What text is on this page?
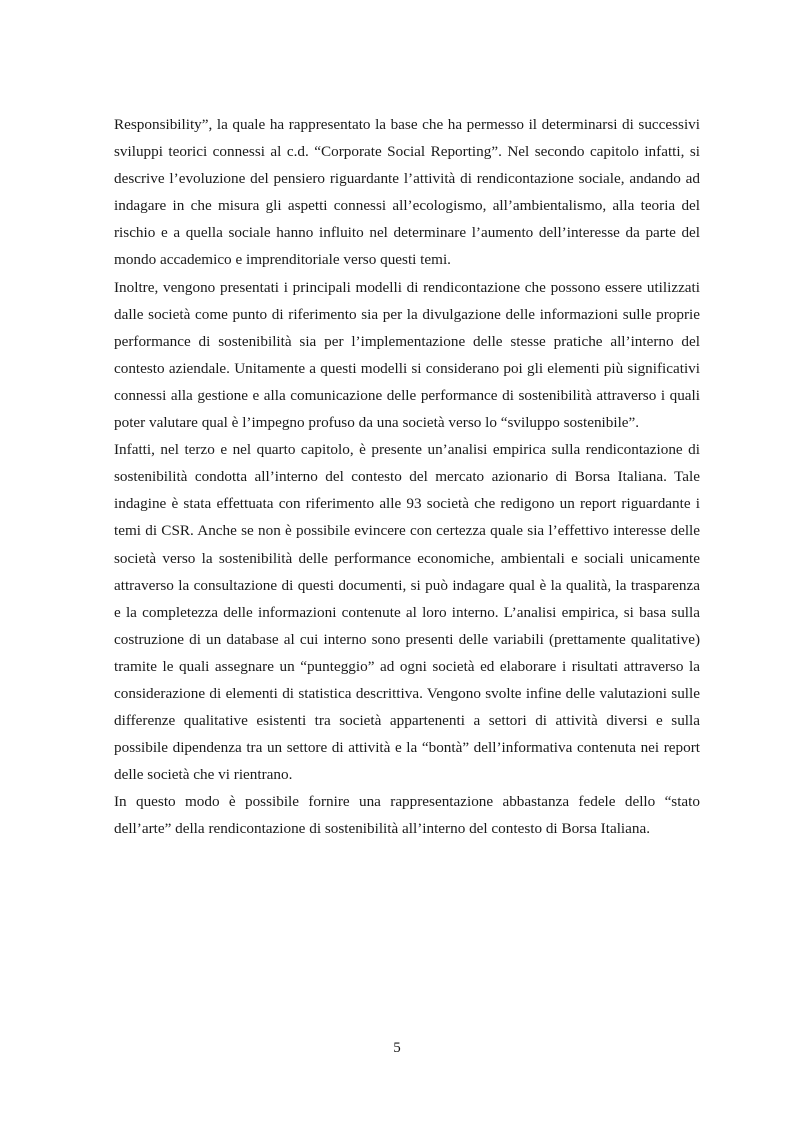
Responsibility”, la quale ha rappresentato la base che ha permesso il determinarsi di successivi sviluppi teorici connessi al c.d. “Corporate Social Reporting”. Nel secondo capitolo infatti, si descrive l’evoluzione del pensiero riguardante l’attività di rendicontazione sociale, andando ad indagare in che misura gli aspetti connessi all’ecologismo, all’ambientalismo, alla teoria del rischio e a quella sociale hanno influito nel determinare l’aumento dell’interesse da parte del mondo accademico e imprenditoriale verso questi temi.

Inoltre, vengono presentati i principali modelli di rendicontazione che possono essere utilizzati dalle società come punto di riferimento sia per la divulgazione delle informazioni sulle proprie performance di sostenibilità sia per l’implementazione delle stesse pratiche all’interno del contesto aziendale. Unitamente a questi modelli si considerano poi gli elementi più significativi connessi alla gestione e alla comunicazione delle performance di sostenibilità attraverso i quali poter valutare qual è l’impegno profuso da una società verso lo “sviluppo sostenibile”.

Infatti, nel terzo e nel quarto capitolo, è presente un’analisi empirica sulla rendicontazione di sostenibilità condotta all’interno del contesto del mercato azionario di Borsa Italiana. Tale indagine è stata effettuata con riferimento alle 93 società che redigono un report riguardante i temi di CSR. Anche se non è possibile evincere con certezza quale sia l’effettivo interesse delle società verso la sostenibilità delle performance economiche, ambientali e sociali unicamente attraverso la consultazione di questi documenti, si può indagare qual è la qualità, la trasparenza e la completezza delle informazioni contenute al loro interno. L’analisi empirica, si basa sulla costruzione di un database al cui interno sono presenti delle variabili (prettamente qualitative) tramite le quali assegnare un “punteggio” ad ogni società ed elaborare i risultati attraverso la considerazione di elementi di statistica descrittiva. Vengono svolte infine delle valutazioni sulle differenze qualitative esistenti tra società appartenenti a settori di attività diversi e sulla possibile dipendenza tra un settore di attività e la “bontà” dell’informativa contenuta nei report delle società che vi rientrano.

In questo modo è possibile fornire una rappresentazione abbastanza fedele dello “stato dell’arte” della rendicontazione di sostenibilità all’interno del contesto di Borsa Italiana.

5
